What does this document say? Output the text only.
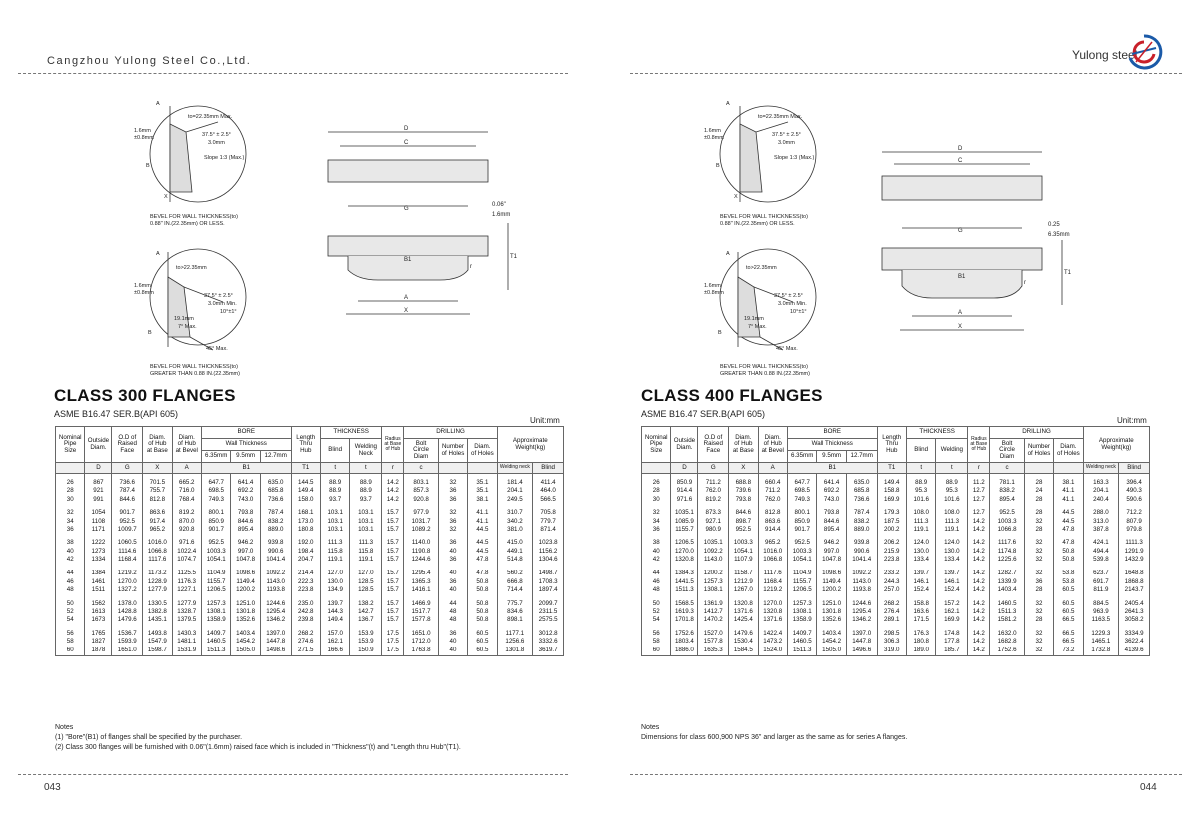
Cangzhou Yulong Steel Co.,Ltd.	Yulong steel
A
to=22.35mm Max.
1.6mm
±0.8mm	37.5° ± 2.5°
3.0mm
Slope 1:3 (Max.)
B
X
BEVEL FOR WALL THICKNESS(to)
0.88" IN.(22.35mm) OR LESS.
A
to>22.35mm
1.6mm
±0.8mm	37.5° ± 2.5°
3.0mm Min.
10°±1°
19.1mm
7° Max.
B
45° Max.
BEVEL FOR WALL THICKNESS(to)
GREATER THAN 0.88 IN.(22.35mm)
D
C
G
B1
A
X
T1
r
0.06"
1.6mm
A
to=22.35mm Max.
1.6mm
±0.8mm	37.5° ± 2.5°
3.0mm
Slope 1:3 (Max.)
B
X
BEVEL FOR WALL THICKNESS(to)
0.88" IN.(22.35mm) OR LESS.
A
to>22.35mm
1.6mm
±0.8mm	37.5° ± 2.5°
3.0mm Min.
10°±1°
19.1mm
7° Max.
B
45° Max.
BEVEL FOR WALL THICKNESS(to)
GREATER THAN 0.88 IN.(22.35mm)
D
C
G
B1
A
X
T1
r
0.25
6.35mm
CLASS 300 FLANGES
ASME B16.47 SER.B(API 605)
Unit:mm
CLASS 400 FLANGES
ASME B16.47 SER.B(API 605)
Unit:mm
Nominal
Pipe
Size	Outside
Diam.	O.D of
Raised
Face	Diam.
of Hub
at Base	Diam.
of Hub
at Bevel	BORE			Length
Thru
Hub	THICKNESS		Radius
at Base
of Hub	DRILLING			Approximate
Weight(kg)	
					Wall Thickness				Blind	Welding
Neck		Bolt
Circle
Diam	Number
of Holes	Diam.
of Holes		
					6.35mm	9.5mm	12.7mm									
	D	G	X	A	B1			T1	t	t	r	c			Welding neck	Blind

26	867	736.6	701.5	665.2	647.7	641.4	635.0	144.5	88.9	88.9	14.2	803.1	32	35.1	181.4	411.4
28	921	787.4	755.7	716.0	698.5	692.2	685.8	149.4	88.9	88.9	14.2	857.3	36	35.1	204.1	464.0
30	991	844.6	812.8	768.4	749.3	743.0	736.6	158.0	93.7	93.7	14.2	920.8	36	38.1	249.5	566.5

32	1054	901.7	863.6	819.2	800.1	793.8	787.4	168.1	103.1	103.1	15.7	977.9	32	41.1	310.7	705.8
34	1108	952.5	917.4	870.0	850.9	844.6	838.2	173.0	103.1	103.1	15.7	1031.7	36	41.1	340.2	779.7
36	1171	1009.7	965.2	920.8	901.7	895.4	889.0	180.8	103.1	103.1	15.7	1089.2	32	44.5	381.0	871.4

38	1222	1060.5	1016.0	971.6	952.5	946.2	939.8	192.0	111.3	111.3	15.7	1140.0	36	44.5	415.0	1023.8
40	1273	1114.6	1066.8	1022.4	1003.3	997.0	990.6	198.4	115.8	115.8	15.7	1190.8	40	44.5	449.1	1156.2
42	1334	1168.4	1117.6	1074.7	1054.1	1047.8	1041.4	204.7	119.1	119.1	15.7	1244.6	36	47.8	514.8	1304.6

44	1384	1219.2	1173.2	1125.5	1104.9	1098.6	1092.2	214.4	127.0	127.0	15.7	1295.4	40	47.8	560.2	1498.7
46	1461	1270.0	1228.9	1176.3	1155.7	1149.4	1143.0	222.3	130.0	128.5	15.7	1365.3	36	50.8	666.8	1708.3
48	1511	1327.2	1277.9	1227.1	1206.5	1200.2	1193.8	223.8	134.9	128.5	15.7	1416.1	40	50.8	714.4	1897.4

50	1562	1378.0	1330.5	1277.9	1257.3	1251.0	1244.6	235.0	139.7	138.2	15.7	1466.9	44	50.8	775.7	2099.7
52	1613	1428.8	1382.8	1328.7	1308.1	1301.8	1295.4	242.8	144.3	142.7	15.7	1517.7	48	50.8	834.6	2311.5
54	1673	1479.6	1435.1	1379.5	1358.9	1352.6	1346.2	239.8	149.4	136.7	15.7	1577.8	48	50.8	898.1	2575.5

56	1765	1536.7	1493.8	1430.3	1409.7	1403.4	1397.0	268.2	157.0	153.9	17.5	1651.0	36	60.5	1177.1	3012.8
58	1827	1593.9	1547.9	1481.1	1460.5	1454.2	1447.8	274.6	162.1	153.9	17.5	1712.0	40	60.5	1256.6	3332.6
60	1878	1651.0	1598.7	1531.9	1511.3	1505.0	1498.6	271.5	166.6	150.9	17.5	1763.8	40	60.5	1301.8	3619.7
Nominal
Pipe
Size	Outside
Diam.	O.D of
Raised
Face	Diam.
of Hub
at Base	Diam.
of Hub
at Bevel	BORE			Length
Thru
Hub	THICKNESS		Radius
at Base
of Hub	DRILLING			Approximate
Weight(kg)	
					Wall Thickness				Blind	Welding		Bolt
Circle
Diam	Number
of Holes	Diam.
of Holes		
					6.35mm	9.5mm	12.7mm									
	D	G	X	A	B1			T1	t	t	r	c			Welding neck	Blind

26	850.9	711.2	688.8	660.4	647.7	641.4	635.0	149.4	88.9	88.9	11.2	781.1	28	38.1	163.3	396.4
28	914.4	762.0	739.6	711.2	698.5	692.2	685.8	158.8	95.3	95.3	12.7	838.2	24	41.1	204.1	490.3
30	971.6	819.2	793.8	762.0	749.3	743.0	736.6	169.9	101.6	101.6	12.7	895.4	28	41.1	240.4	590.6

32	1035.1	873.3	844.6	812.8	800.1	793.8	787.4	179.3	108.0	108.0	12.7	952.5	28	44.5	288.0	712.2
34	1085.9	927.1	898.7	863.6	850.9	844.6	838.2	187.5	111.3	111.3	14.2	1003.3	32	44.5	313.0	807.9
36	1155.7	980.9	952.5	914.4	901.7	895.4	889.0	200.2	119.1	119.1	14.2	1066.8	28	47.8	387.8	979.8

38	1206.5	1035.1	1003.3	965.2	952.5	946.2	939.8	206.2	124.0	124.0	14.2	1117.6	32	47.8	424.1	1111.3
40	1270.0	1092.2	1054.1	1016.0	1003.3	997.0	990.6	215.9	130.0	130.0	14.2	1174.8	32	50.8	494.4	1291.9
42	1320.8	1143.0	1107.9	1066.8	1054.1	1047.8	1041.4	223.8	133.4	133.4	14.2	1225.6	32	50.8	539.8	1432.9

44	1384.3	1200.2	1158.7	1117.6	1104.9	1098.6	1092.2	233.2	139.7	139.7	14.2	1282.7	32	53.8	623.7	1648.8
46	1441.5	1257.3	1212.9	1168.4	1155.7	1149.4	1143.0	244.3	146.1	146.1	14.2	1339.9	36	53.8	691.7	1868.8
48	1511.3	1308.1	1267.0	1219.2	1206.5	1200.2	1193.8	257.0	152.4	152.4	14.2	1403.4	28	60.5	811.9	2143.7

50	1568.5	1361.9	1320.8	1270.0	1257.3	1251.0	1244.6	268.2	158.8	157.2	14.2	1460.5	32	60.5	884.5	2405.4
52	1619.3	1412.7	1371.6	1320.8	1308.1	1301.8	1295.4	276.4	163.6	162.1	14.2	1511.3	32	60.5	963.9	2641.3
54	1701.8	1470.2	1425.4	1371.6	1358.9	1352.6	1346.2	289.1	171.5	169.9	14.2	1581.2	28	66.5	1163.5	3058.2

56	1752.6	1527.0	1479.6	1422.4	1409.7	1403.4	1397.0	298.5	176.3	174.8	14.2	1632.0	32	66.5	1229.3	3334.9
58	1803.4	1577.8	1530.4	1473.2	1460.5	1454.2	1447.8	306.3	180.8	177.8	14.2	1682.8	32	66.5	1465.1	3622.4
60	1886.0	1635.3	1584.5	1524.0	1511.3	1505.0	1496.6	319.0	189.0	185.7	14.2	1752.6	32	73.2	1732.8	4139.6
Notes
(1) "Bore"(B1) of flanges shall be specified by the purchaser.
(2) Class 300 flanges will be furnished with 0.06"(1.6mm) raised face which is included in "Thickness"(t) and "Length thru Hub"(T1).
Notes
Dimensions for class 600,900 NPS 36" and larger as the same as for series A flanges.
043	044
